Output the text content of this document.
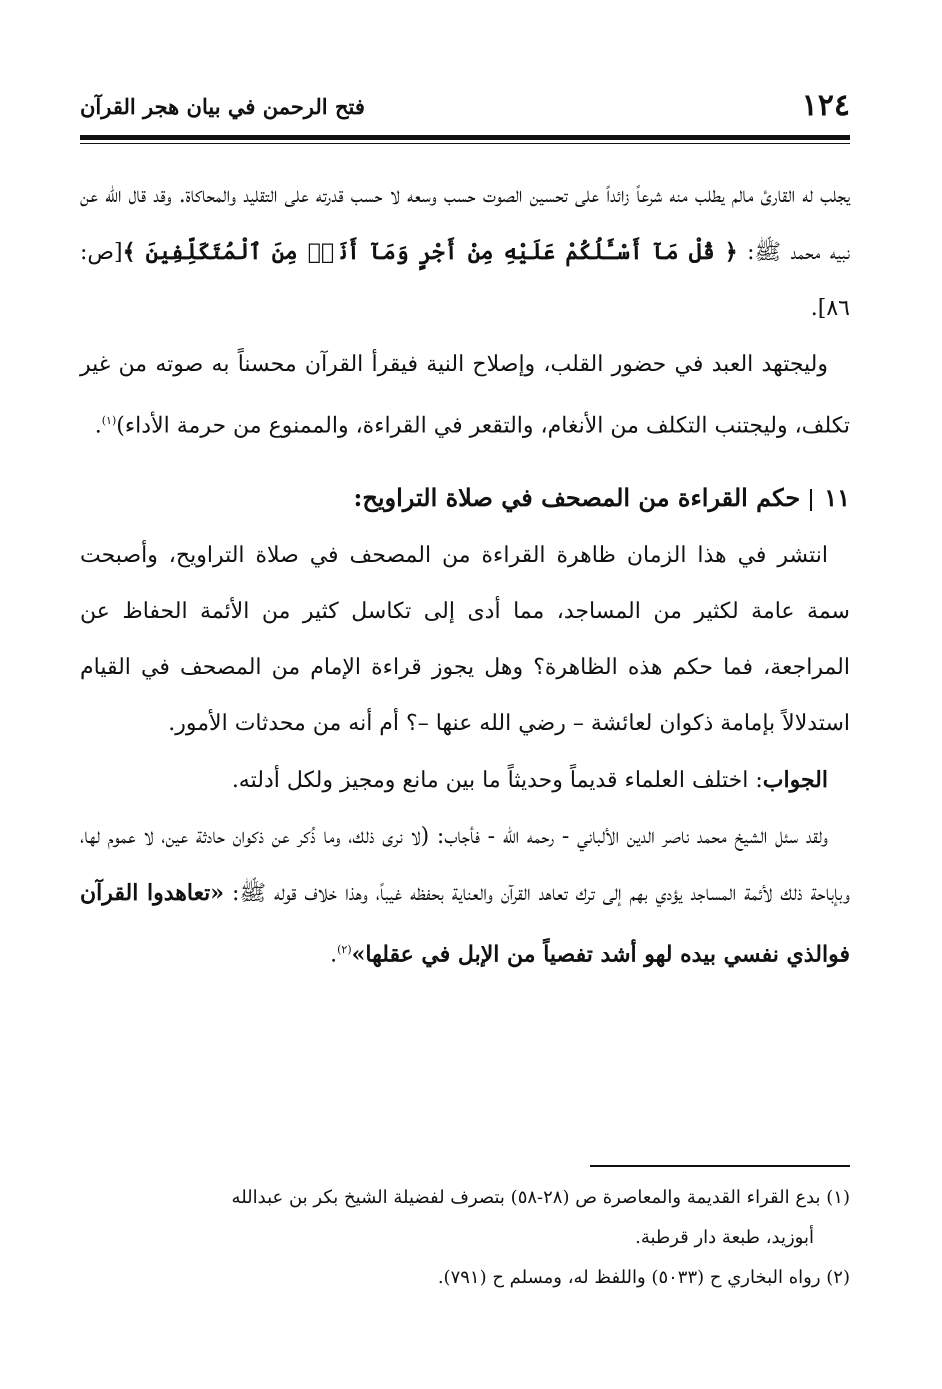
١٢٤
فتح الرحمن في بيان هجر القرآن

يجلب له القارئ مالم يطلب منه شرعاً زائداً على تحسين الصوت حسب وسعه لا حسب قدرته على التقليد والمحاكاة. وقد قال الله عن نبيه محمد ﷺ: ﴿ قُلْ مَآ أَسْـَٔلُكُمْ عَلَيْهِ مِنْ أَجْرٍ وَمَآ أَنَا۠ مِنَ ٱلْمُتَكَلِّفِينَ ﴾[ص: ٨٦].

وليجتهد العبد في حضور القلب، وإصلاح النية فيقرأ القرآن محسناً به صوته من غير تكلف، وليجتنب التكلف من الأنغام، والتقعر في القراءة، والممنوع من حرمة الأداء)$^{(١)}$.

١١حكم القراءة من المصحف في صلاة التراويح:

انتشر في هذا الزمان ظاهرة القراءة من المصحف في صلاة التراويح، وأصبحت سمة عامة لكثير من المساجد، مما أدى إلى تكاسل كثير من الأئمة الحفاظ عن المراجعة، فما حكم هذه الظاهرة؟ وهل يجوز قراءة الإمام من المصحف في القيام استدلالاً بإمامة ذكوان لعائشة – رضي الله عنها –؟ أم أنه من محدثات الأمور.

الجواب: اختلف العلماء قديماً وحديثاً ما بين مانع ومجيز ولكل أدلته.

ولقد سئل الشيخ محمد ناصر الدين الألباني - رحمه الله - فأجاب: (لا نرى ذلك، وما ذُكر عن ذكوان حادثة عين، لا عموم لها، وبإباحة ذلك لأئمة المساجد يؤدي بهم إلى ترك تعاهد القرآن والعناية بحفظه غيباً، وهذا خلاف قوله ﷺ: «تعاهدوا القرآن فوالذي نفسي بيده لهو أشد تفصياً من الإبل في عقلها»$^{(٢)}$.

(١) بدع القراء القديمة والمعاصرة ص (٢٨-٥٨) بتصرف لفضيلة الشيخ بكر بن عبدالله
أبوزيد، طبعة دار قرطبة.

(٢) رواه البخاري ح (٥٠٣٣) واللفظ له، ومسلم ح (٧٩١).
